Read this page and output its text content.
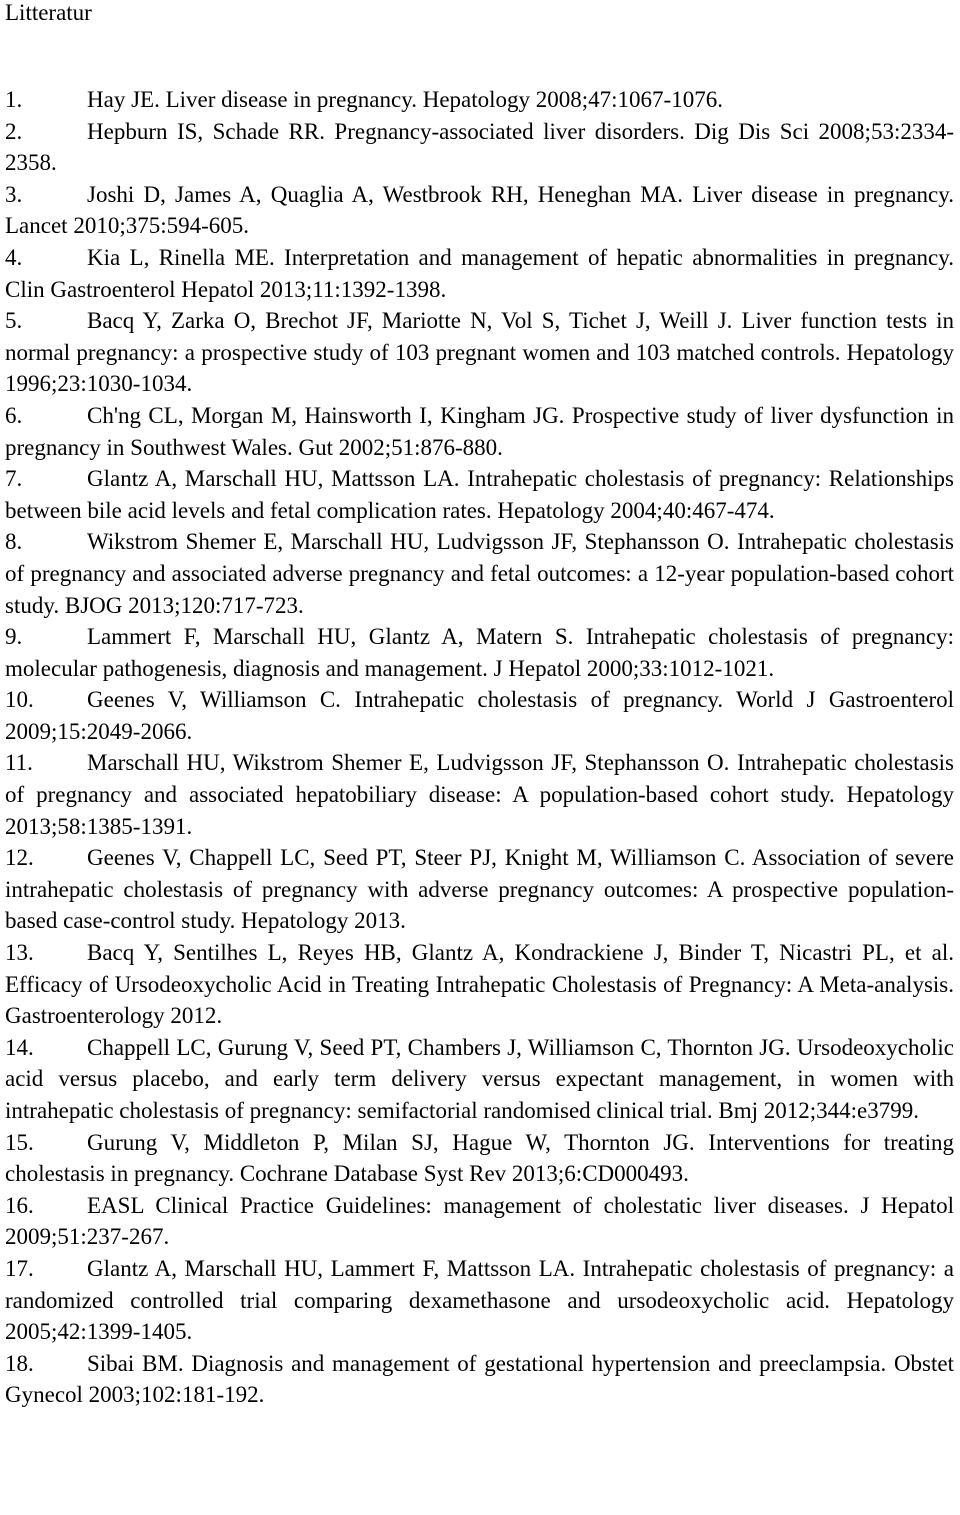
Litteratur
1.	Hay JE. Liver disease in pregnancy. Hepatology 2008;47:1067-1076.
2.	Hepburn IS, Schade RR. Pregnancy-associated liver disorders. Dig Dis Sci 2008;53:2334-2358.
3.	Joshi D, James A, Quaglia A, Westbrook RH, Heneghan MA. Liver disease in pregnancy. Lancet 2010;375:594-605.
4.	Kia L, Rinella ME. Interpretation and management of hepatic abnormalities in pregnancy. Clin Gastroenterol Hepatol 2013;11:1392-1398.
5.	Bacq Y, Zarka O, Brechot JF, Mariotte N, Vol S, Tichet J, Weill J. Liver function tests in normal pregnancy: a prospective study of 103 pregnant women and 103 matched controls. Hepatology 1996;23:1030-1034.
6.	Ch'ng CL, Morgan M, Hainsworth I, Kingham JG. Prospective study of liver dysfunction in pregnancy in Southwest Wales. Gut 2002;51:876-880.
7.	Glantz A, Marschall HU, Mattsson LA. Intrahepatic cholestasis of pregnancy: Relationships between bile acid levels and fetal complication rates. Hepatology 2004;40:467-474.
8.	Wikstrom Shemer E, Marschall HU, Ludvigsson JF, Stephansson O. Intrahepatic cholestasis of pregnancy and associated adverse pregnancy and fetal outcomes: a 12-year population-based cohort study. BJOG 2013;120:717-723.
9.	Lammert F, Marschall HU, Glantz A, Matern S. Intrahepatic cholestasis of pregnancy: molecular pathogenesis, diagnosis and management. J Hepatol 2000;33:1012-1021.
10. Geenes V, Williamson C. Intrahepatic cholestasis of pregnancy. World J Gastroenterol 2009;15:2049-2066.
11. Marschall HU, Wikstrom Shemer E, Ludvigsson JF, Stephansson O. Intrahepatic cholestasis of pregnancy and associated hepatobiliary disease: A population-based cohort study. Hepatology 2013;58:1385-1391.
12. Geenes V, Chappell LC, Seed PT, Steer PJ, Knight M, Williamson C. Association of severe intrahepatic cholestasis of pregnancy with adverse pregnancy outcomes: A prospective population-based case-control study. Hepatology 2013.
13. Bacq Y, Sentilhes L, Reyes HB, Glantz A, Kondrackiene J, Binder T, Nicastri PL, et al. Efficacy of Ursodeoxycholic Acid in Treating Intrahepatic Cholestasis of Pregnancy: A Meta-analysis. Gastroenterology 2012.
14. Chappell LC, Gurung V, Seed PT, Chambers J, Williamson C, Thornton JG. Ursodeoxycholic acid versus placebo, and early term delivery versus expectant management, in women with intrahepatic cholestasis of pregnancy: semifactorial randomised clinical trial. Bmj 2012;344:e3799.
15. Gurung V, Middleton P, Milan SJ, Hague W, Thornton JG. Interventions for treating cholestasis in pregnancy. Cochrane Database Syst Rev 2013;6:CD000493.
16. EASL Clinical Practice Guidelines: management of cholestatic liver diseases. J Hepatol 2009;51:237-267.
17. Glantz A, Marschall HU, Lammert F, Mattsson LA. Intrahepatic cholestasis of pregnancy: a randomized controlled trial comparing dexamethasone and ursodeoxycholic acid. Hepatology 2005;42:1399-1405.
18. Sibai BM. Diagnosis and management of gestational hypertension and preeclampsia. Obstet Gynecol 2003;102:181-192.
